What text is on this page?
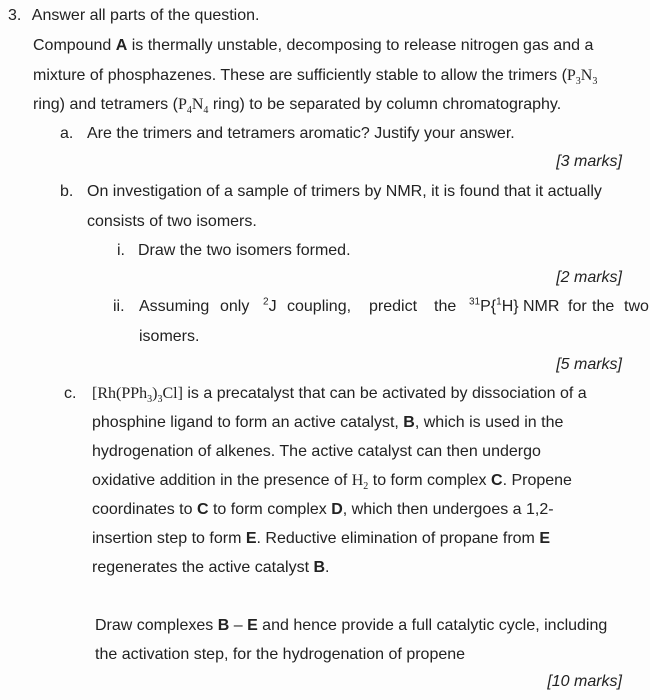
3. Answer all parts of the question.
Compound A is thermally unstable, decomposing to release nitrogen gas and a
mixture of phosphazenes. These are sufficiently stable to allow the trimers ($P_3N_3$
ring) and tetramers ($P_4N_4$ ring) to be separated by column chromatography.
a. Are the trimers and tetramers aromatic? Justify your answer.
[3 marks]
b. On investigation of a sample of trimers by NMR, it is found that it actually
consists of two isomers.
i. Draw the two isomers formed.
[2 marks]
ii. Assuming only $^2$J coupling, predict the $^{31}$P{$^1$H} NMR for the two
isomers.
[5 marks]
c. $[Rh(PPh_3)_3Cl]$ is a precatalyst that can be activated by dissociation of a
phosphine ligand to form an active catalyst, B, which is used in the
hydrogenation of alkenes. The active catalyst can then undergo
oxidative addition in the presence of $H_2$ to form complex C. Propene
coordinates to C to form complex D, which then undergoes a 1,2-
insertion step to form E. Reductive elimination of propane from E
regenerates the active catalyst B.
Draw complexes B – E and hence provide a full catalytic cycle, including
the activation step, for the hydrogenation of propene
[10 marks]
